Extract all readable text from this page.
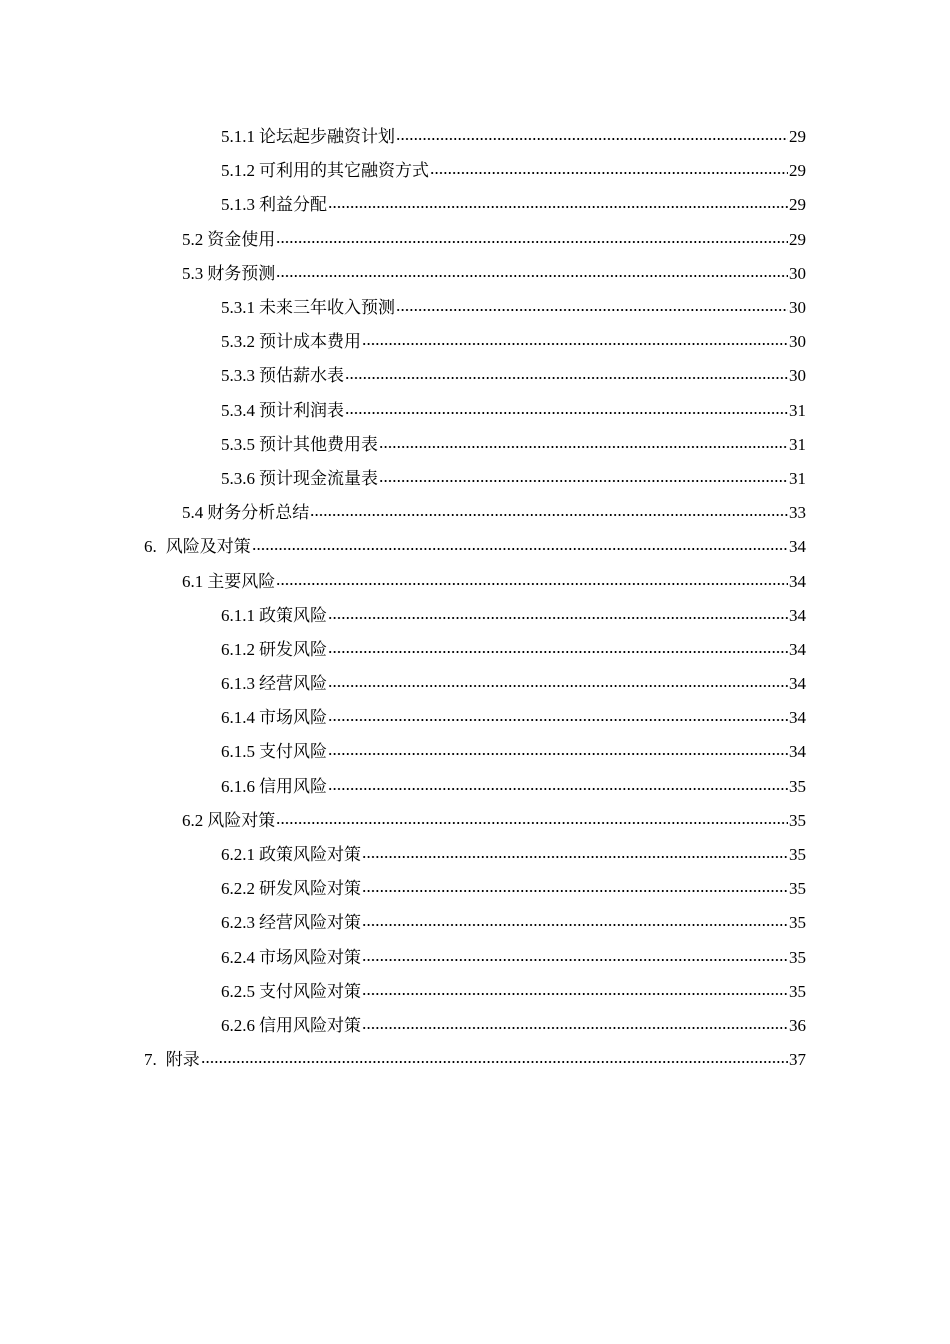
5.1.1 论坛起步融资计划	29
5.1.2 可利用的其它融资方式	29
5.1.3 利益分配	29
5.2 资金使用	29
5.3 财务预测	30
5.3.1 未来三年收入预测	30
5.3.2 预计成本费用	30
5.3.3 预估薪水表	30
5.3.4 预计利润表	31
5.3.5 预计其他费用表	31
5.3.6 预计现金流量表	31
5.4 财务分析总结	33
6. 风险及对策	34
6.1 主要风险	34
6.1.1 政策风险	34
6.1.2 研发风险	34
6.1.3 经营风险	34
6.1.4 市场风险	34
6.1.5 支付风险	34
6.1.6 信用风险	35
6.2 风险对策	35
6.2.1 政策风险对策	35
6.2.2 研发风险对策	35
6.2.3 经营风险对策	35
6.2.4 市场风险对策	35
6.2.5 支付风险对策	35
6.2.6 信用风险对策	36
7. 附录	37
